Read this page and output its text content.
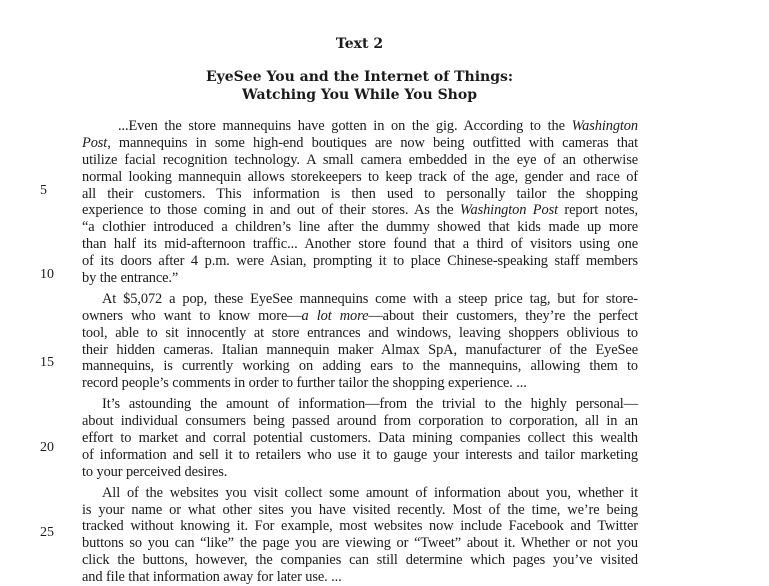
Text 2
EyeSee You and the Internet of Things:
Watching You While You Shop
5
10
15
20
25
...Even the store mannequins have gotten in on the gig. According to the Washington
Post, mannequins in some high-end boutiques are now being outfitted with cameras that
utilize facial recognition technology. A small camera embedded in the eye of an otherwise
normal looking mannequin allows storekeepers to keep track of the age, gender and race of
all their customers. This information is then used to personally tailor the shopping
experience to those coming in and out of their stores. As the Washington Post report notes,
“a clothier introduced a children’s line after the dummy showed that kids made up more
than half its mid-afternoon traffic... Another store found that a third of visitors using one
of its doors after 4 p.m. were Asian, prompting it to place Chinese-speaking staff members
by the entrance.”
At $5,072 a pop, these EyeSee mannequins come with a steep price tag, but for store-
owners who want to know more—a lot more—about their customers, they’re the perfect
tool, able to sit innocently at store entrances and windows, leaving shoppers oblivious to
their hidden cameras. Italian mannequin maker Almax SpA, manufacturer of the EyeSee
mannequins, is currently working on adding ears to the mannequins, allowing them to
record people’s comments in order to further tailor the shopping experience. ...
It’s astounding the amount of information—from the trivial to the highly personal—
about individual consumers being passed around from corporation to corporation, all in an
effort to market and corral potential customers. Data mining companies collect this wealth
of information and sell it to retailers who use it to gauge your interests and tailor marketing
to your perceived desires.
All of the websites you visit collect some amount of information about you, whether it
is your name or what other sites you have visited recently. Most of the time, we’re being
tracked without knowing it. For example, most websites now include Facebook and Twitter
buttons so you can “like” the page you are viewing or “Tweet” about it. Whether or not you
click the buttons, however, the companies can still determine which pages you’ve visited
and file that information away for later use. ...
